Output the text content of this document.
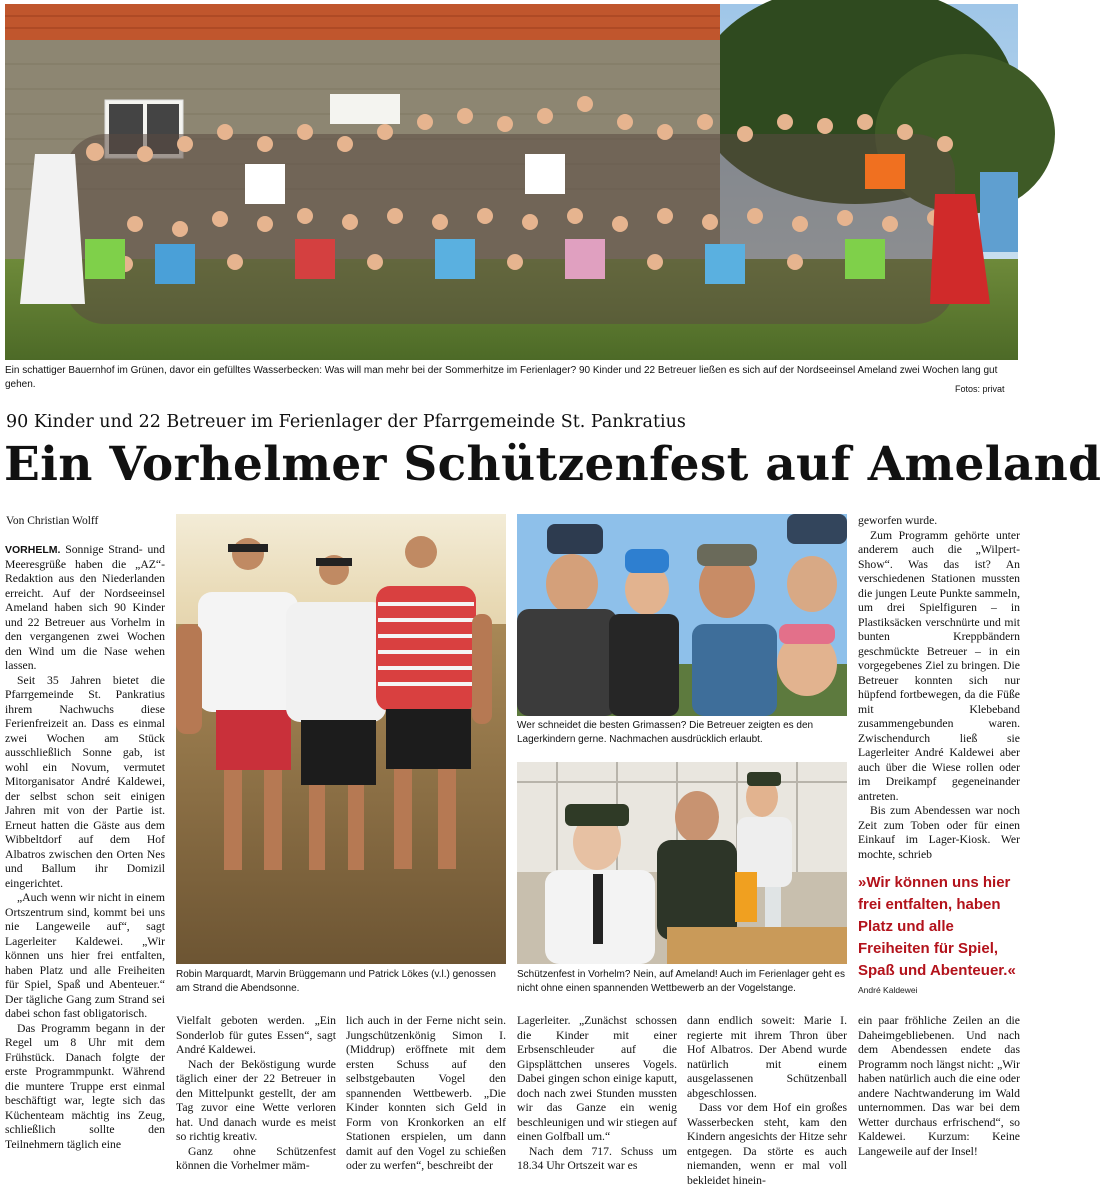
Ein schattiger Bauernhof im Grünen, davor ein gefülltes Wasserbecken: Was will man mehr bei der Sommerhitze im Ferienlager? 90 Kinder und 22 Betreuer ließen es sich auf der Nordseeinsel Ameland zwei Wochen lang gut gehen.	Fotos: privat
90 Kinder und 22 Betreuer im Ferienlager der Pfarrgemeinde St. Pankratius
Ein Vorhelmer Schützenfest auf Ameland
Von Christian Wolff

VORHELM. Sonnige Strand- und Meeresgrüße haben die „AZ“-Redaktion aus den Niederlanden erreicht. Auf der Nordseeinsel Ameland haben sich 90 Kinder und 22 Betreuer aus Vorhelm in den vergangenen zwei Wochen den Wind um die Nase wehen lassen.

Seit 35 Jahren bietet die Pfarrgemeinde St. Pankratius ihrem Nachwuchs diese Ferienfreizeit an. Dass es einmal zwei Wochen am Stück ausschließlich Sonne gab, ist wohl ein Novum, vermutet Mitorganisator André Kaldewei, der selbst schon seit einigen Jahren mit von der Partie ist. Erneut hatten die Gäste aus dem Wibbeltdorf auf dem Hof Albatros zwischen den Orten Nes und Ballum ihr Domizil eingerichtet.

„Auch wenn wir nicht in einem Ortszentrum sind, kommt bei uns nie Langeweile auf“, sagt Lagerleiter Kaldewei. „Wir können uns hier frei entfalten, haben Platz und alle Freiheiten für Spiel, Spaß und Abenteuer.“ Der tägliche Gang zum Strand sei dabei schon fast obligatorisch.

Das Programm begann in der Regel um 8 Uhr mit dem Frühstück. Danach folgte der erste Programmpunkt. Während die muntere Truppe erst einmal beschäftigt war, legte sich das Küchenteam mächtig ins Zeug, schließlich sollte den Teilnehmern täglich eine

Robin Marquardt, Marvin Brüggemann und Patrick Lökes (v.l.) genossen am Strand die Abendsonne.
Wer schneidet die besten Grimassen? Die Betreuer zeigten es den Lagerkindern gerne. Nachmachen ausdrücklich erlaubt.
Schützenfest in Vorhelm? Nein, auf Ameland! Auch im Ferienlager geht es nicht ohne einen spannenden Wettbewerb an der Vogelstange.

Vielfalt geboten werden. „Ein Sonderlob für gutes Essen“, sagt André Kaldewei.

Nach der Beköstigung wurde täglich einer der 22 Betreuer in den Mittelpunkt gestellt, der am Tag zuvor eine Wette verloren hat. Und danach wurde es meist so richtig kreativ.

Ganz ohne Schützenfest können die Vorhelmer mäm-

lich auch in der Ferne nicht sein. Jungschützenkönig Simon I. (Middrup) eröffnete mit dem ersten Schuss auf den selbstgebauten Vogel den spannenden Wettbewerb. „Die Kinder konnten sich Geld in Form von Kronkorken an elf Stationen erspielen, um dann damit auf den Vogel zu schießen oder zu werfen“, beschreibt der

Lagerleiter. „Zunächst schossen die Kinder mit einer Erbsenschleuder auf die Gipsplättchen unseres Vogels. Dabei gingen schon einige kaputt, doch nach zwei Stunden mussten wir das Ganze ein wenig beschleunigen und wir stiegen auf einen Golfball um.“

Nach dem 717. Schuss um 18.34 Uhr Ortszeit war es

dann endlich soweit: Marie I. regierte mit ihrem Thron über Hof Albatros. Der Abend wurde natürlich mit einem ausgelassenen Schützenball abgeschlossen.

Dass vor dem Hof ein großes Wasserbecken steht, kam den Kindern angesichts der Hitze sehr entgegen. Da störte es auch niemanden, wenn er mal voll bekleidet hinein-

geworfen wurde.

Zum Programm gehörte unter anderem auch die „Wilpert-Show“. Was das ist? An verschiedenen Stationen mussten die jungen Leute Punkte sammeln, um drei Spielfiguren – in Plastiksäcken verschnürte und mit bunten Kreppbändern geschmückte Betreuer – in ein vorgegebenes Ziel zu bringen. Die Betreuer konnten sich nur hüpfend fortbewegen, da die Füße mit Klebeband zusammengebunden waren. Zwischendurch ließ sie Lagerleiter André Kaldewei aber auch über die Wiese rollen oder im Dreikampf gegeneinander antreten.

Bis zum Abendessen war noch Zeit zum Toben oder für einen Einkauf im Lager-Kiosk. Wer mochte, schrieb

»Wir können uns hier frei entfalten, haben Platz und alle Freiheiten für Spiel, Spaß und Abenteuer.«
André Kaldewei

ein paar fröhliche Zeilen an die Daheimgebliebenen. Und nach dem Abendessen endete das Programm noch längst nicht: „Wir haben natürlich auch die eine oder andere Nachtwanderung im Wald unternommen. Das war bei dem Wetter durchaus erfrischend“, so Kaldewei. Kurzum: Keine Langeweile auf der Insel!
